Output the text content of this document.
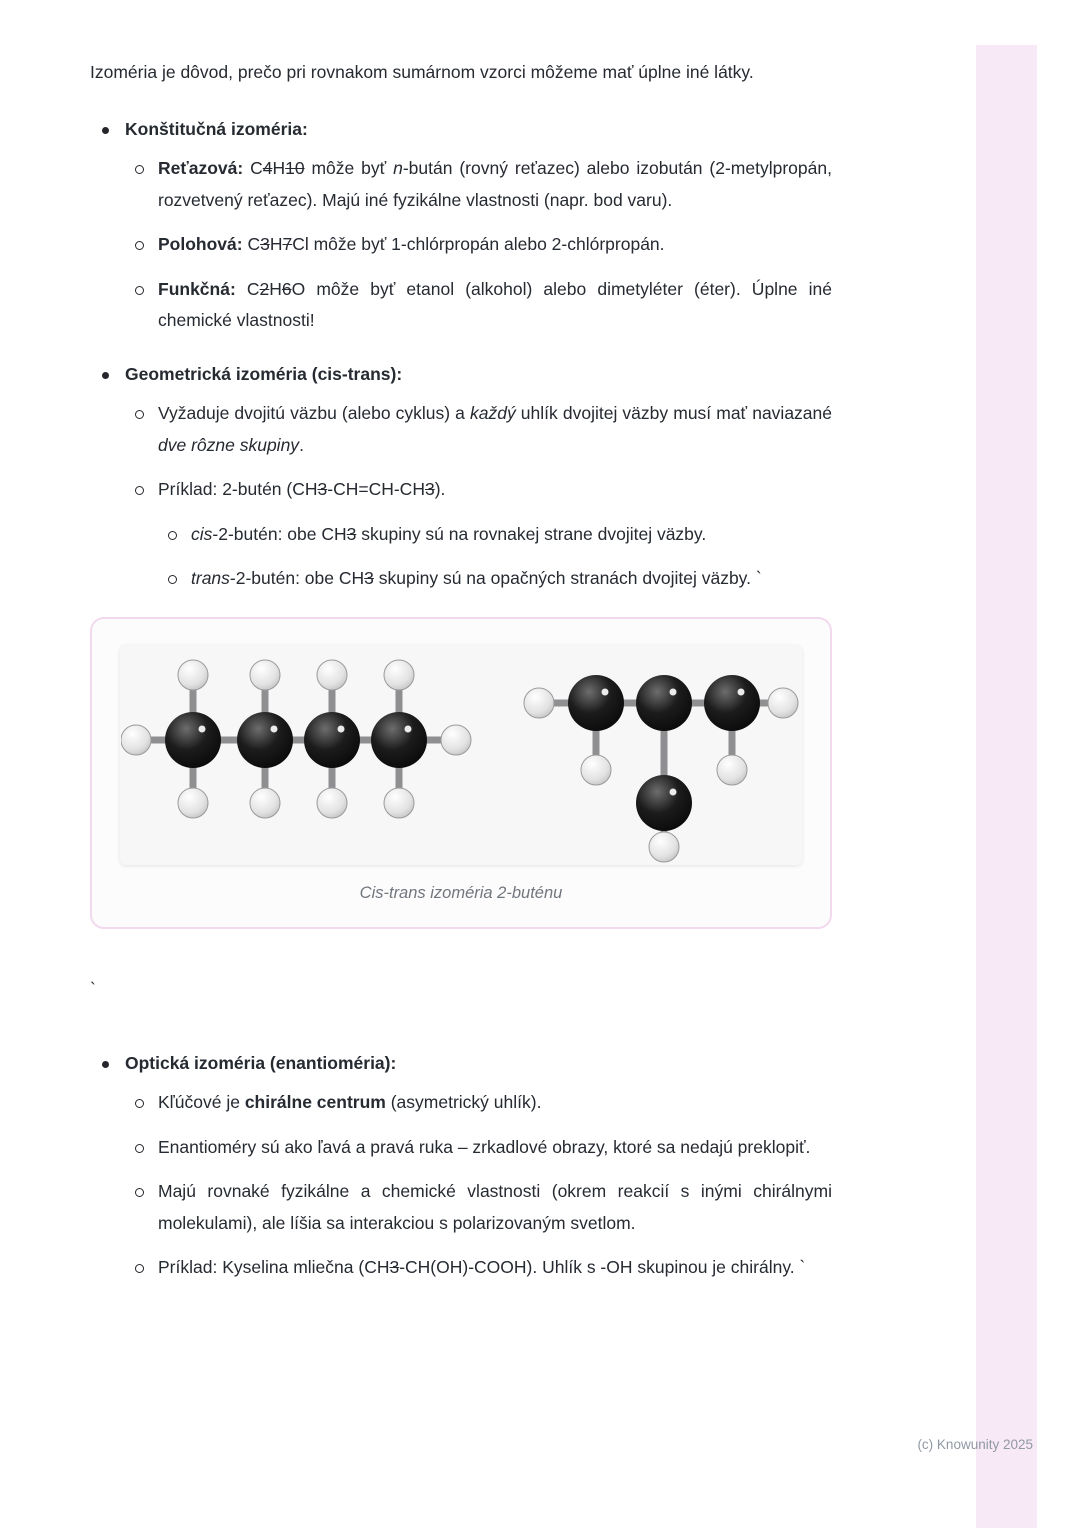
Izoméria je dôvod, prečo pri rovnakom sumárnom vzorci môžeme mať úplne iné látky.

Konštitučná izoméria:
Reťazová: C4H10 môže byť n-bután (rovný reťazec) alebo izobután (2-metylpropán, rozvetvený reťazec). Majú iné fyzikálne vlastnosti (napr. bod varu).
Polohová: C3H7Cl môže byť 1-chlórpropán alebo 2-chlórpropán.
Funkčná: C2H6O môže byť etanol (alkohol) alebo dimetyléter (éter). Úplne iné chemické vlastnosti!
Geometrická izoméria (cis-trans):
Vyžaduje dvojitú väzbu (alebo cyklus) a každý uhlík dvojitej väzby musí mať naviazané dve rôzne skupiny.
Príklad: 2-butén (CH3-CH=CH-CH3).
cis-2-butén: obe CH3 skupiny sú na rovnakej strane dvojitej väzby.
trans-2-butén: obe CH3 skupiny sú na opačných stranách dvojitej väzby. `
Cis-trans izoméria 2-buténu

`

Optická izoméria (enantioméria):
Kľúčové je chirálne centrum (asymetrický uhlík).
Enantioméry sú ako ľavá a pravá ruka – zrkadlové obrazy, ktoré sa nedajú preklopiť.
Majú rovnaké fyzikálne a chemické vlastnosti (okrem reakcií s inými chirálnymi molekulami), ale líšia sa interakciou s polarizovaným svetlom.
Príklad: Kyselina mliečna (CH3-CH(OH)-COOH). Uhlík s -OH skupinou je chirálny. `
(c) Knowunity 2025
